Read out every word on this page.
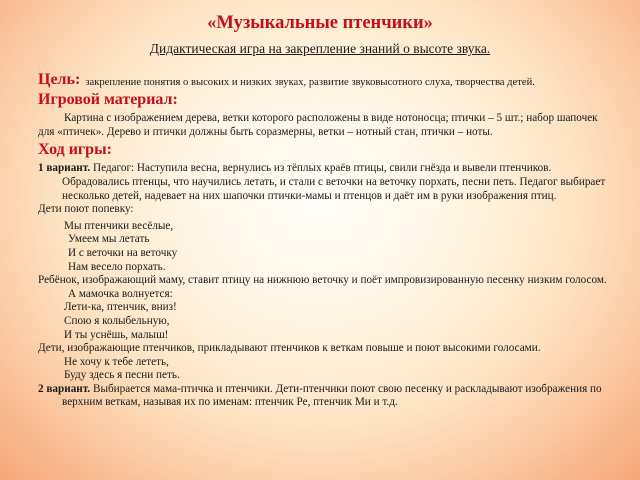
«Музыкальные птенчики»
Дидактическая игра на закрепление знаний о высоте звука.
Цель: закрепление понятия о высоких и низких звуках, развитие звуковысотного слуха, творчества детей.
Игровой материал:

Картина с изображением дерева, ветки которого расположены в виде нотоносца; птички – 5 шт.; набор шапочек для «птичек». Дерево и птички должны быть соразмерны, ветки – нотный стан, птички – ноты.

Ход игры:

1 вариант. Педагог: Наступила весна, вернулись из тёплых краёв птицы, свили гнёзда и вывели птенчиков. Обрадовались птенцы, что научились летать, и стали с веточки на веточку порхать, песни петь. Педагог выбирает несколько детей, надевает на них шапочки птички-мамы и птенцов и даёт им в руки изображения птиц.

Дети поют попевку:

Мы птенчики весёлые,

Умеем мы летать

И с веточки на веточку

Нам весело порхать.

Ребёнок, изображающий маму, ставит птицу на нижнюю веточку и поёт импровизированную песенку низким голосом.

А мамочка волнуется:

Лети-ка, птенчик, вниз!

Спою я колыбельную,

И ты уснёшь, малыш!

Дети, изображающие птенчиков, прикладывают птенчиков к веткам повыше и поют высокими голосами.

Не хочу к тебе лететь,

Буду здесь я песни петь.

2 вариант. Выбирается мама-птичка и птенчики. Дети-птенчики поют свою песенку и раскладывают изображения по верхним веткам, называя их по именам: птенчик Ре, птенчик Ми и т.д.
